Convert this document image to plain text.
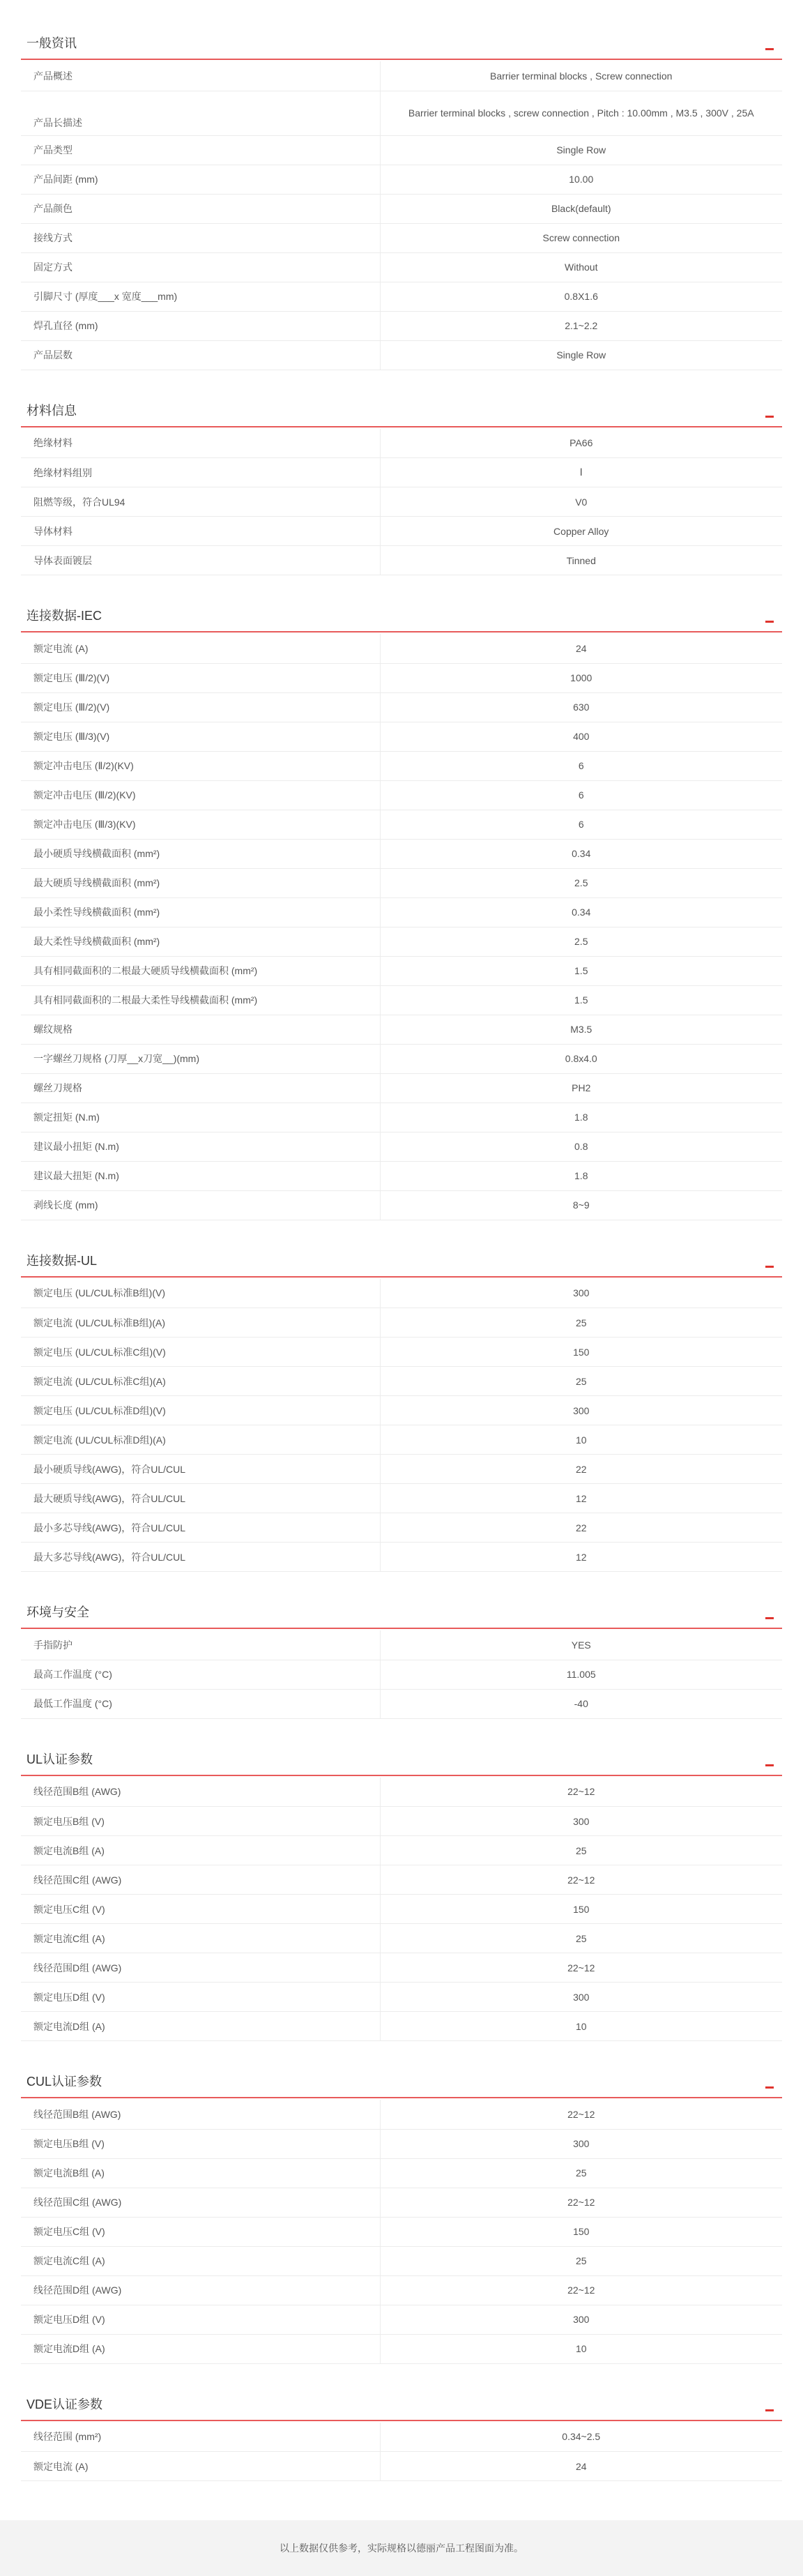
一般资讯
产品概述	Barrier terminal blocks , Screw connection
产品长描述	Barrier terminal blocks , screw connection , Pitch : 10.00mm , M3.5 , 300V , 25A
产品类型	Single Row
产品间距 (mm)	10.00
产品颜色	Black(default)
接线方式	Screw connection
固定方式	Without
引脚尺寸 (厚度___x 宽度___mm)	0.8X1.6
焊孔直径 (mm)	2.1~2.2
产品层数	Single Row
材料信息
绝缘材料	PA66
绝缘材料组别	Ⅰ
阻燃等级，符合UL94	V0
导体材料	Copper Alloy
导体表面镀层	Tinned
连接数据-IEC
额定电流 (A)	24
额定电压 (Ⅲ/2)(V)	1000
额定电压 (Ⅲ/2)(V)	630
额定电压 (Ⅲ/3)(V)	400
额定冲击电压 (Ⅱ/2)(KV)	6
额定冲击电压 (Ⅲ/2)(KV)	6
额定冲击电压 (Ⅲ/3)(KV)	6
最小硬质导线横截面积 (mm²)	0.34
最大硬质导线横截面积 (mm²)	2.5
最小柔性导线横截面积 (mm²)	0.34
最大柔性导线横截面积 (mm²)	2.5
具有相同截面积的二根最大硬质导线横截面积 (mm²)	1.5
具有相同截面积的二根最大柔性导线横截面积 (mm²)	1.5
螺纹规格	M3.5
一字螺丝刀规格 (刀厚__x刀宽__)(mm)	0.8x4.0
螺丝刀规格	PH2
额定扭矩 (N.m)	1.8
建议最小扭矩 (N.m)	0.8
建议最大扭矩 (N.m)	1.8
剥线长度 (mm)	8~9
连接数据-UL
额定电压 (UL/CUL标准B组)(V)	300
额定电流 (UL/CUL标准B组)(A)	25
额定电压 (UL/CUL标准C组)(V)	150
额定电流 (UL/CUL标准C组)(A)	25
额定电压 (UL/CUL标准D组)(V)	300
额定电流 (UL/CUL标准D组)(A)	10
最小硬质导线(AWG)，符合UL/CUL	22
最大硬质导线(AWG)，符合UL/CUL	12
最小多芯导线(AWG)，符合UL/CUL	22
最大多芯导线(AWG)，符合UL/CUL	12
环境与安全
手指防护	YES
最高工作温度 (°C)	11.005
最低工作温度 (°C)	-40
UL认证参数
线径范围B组 (AWG)	22~12
额定电压B组 (V)	300
额定电流B组 (A)	25
线径范围C组 (AWG)	22~12
额定电压C组 (V)	150
额定电流C组 (A)	25
线径范围D组 (AWG)	22~12
额定电压D组 (V)	300
额定电流D组 (A)	10
CUL认证参数
线径范围B组 (AWG)	22~12
额定电压B组 (V)	300
额定电流B组 (A)	25
线径范围C组 (AWG)	22~12
额定电压C组 (V)	150
额定电流C组 (A)	25
线径范围D组 (AWG)	22~12
额定电压D组 (V)	300
额定电流D组 (A)	10
VDE认证参数
线径范围 (mm²)	0.34~2.5
额定电流 (A)	24
以上数据仅供参考，实际规格以德丽产品工程图面为准。
